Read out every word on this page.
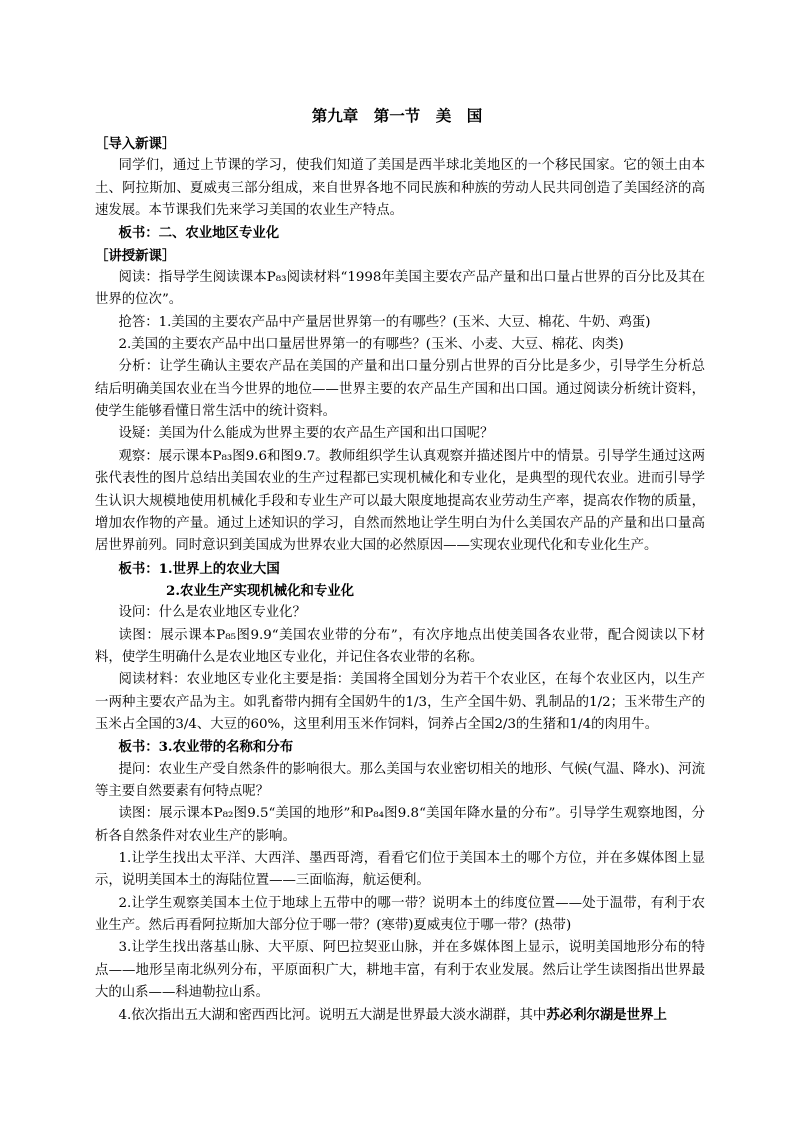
第九章　第一节　美　国

［导入新课］

同学们，通过上节课的学习，使我们知道了美国是西半球北美地区的一个移民国家。它的领土由本土、阿拉斯加、夏威夷三部分组成，来自世界各地不同民族和种族的劳动人民共同创造了美国经济的高速发展。本节课我们先来学习美国的农业生产特点。

板书：二、农业地区专业化

［讲授新课］

阅读：指导学生阅读课本P₈₃阅读材料“1998年美国主要农产品产量和出口量占世界的百分比及其在世界的位次”。

抢答：1.美国的主要农产品中产量居世界第一的有哪些？(玉米、大豆、棉花、牛奶、鸡蛋)

2.美国的主要农产品中出口量居世界第一的有哪些？(玉米、小麦、大豆、棉花、肉类)

分析：让学生确认主要农产品在美国的产量和出口量分别占世界的百分比是多少，引导学生分析总结后明确美国农业在当今世界的地位——世界主要的农产品生产国和出口国。通过阅读分析统计资料，使学生能够看懂日常生活中的统计资料。

设疑：美国为什么能成为世界主要的农产品生产国和出口国呢？

观察：展示课本P₈₃图9.6和图9.7。教师组织学生认真观察并描述图片中的情景。引导学生通过这两张代表性的图片总结出美国农业的生产过程都已实现机械化和专业化，是典型的现代农业。进而引导学生认识大规模地使用机械化手段和专业生产可以最大限度地提高农业劳动生产率，提高农作物的质量，增加农作物的产量。通过上述知识的学习，自然而然地让学生明白为什么美国农产品的产量和出口量高居世界前列。同时意识到美国成为世界农业大国的必然原因——实现农业现代化和专业化生产。

板书：1.世界上的农业大国

2.农业生产实现机械化和专业化

设问：什么是农业地区专业化？

读图：展示课本P₈₅图9.9“美国农业带的分布”，有次序地点出使美国各农业带，配合阅读以下材料，使学生明确什么是农业地区专业化，并记住各农业带的名称。

阅读材料：农业地区专业化主要是指：美国将全国划分为若干个农业区，在每个农业区内，以生产一两种主要农产品为主。如乳畜带内拥有全国奶牛的1/3，生产全国牛奶、乳制品的1/2；玉米带生产的玉米占全国的3/4、大豆的60%，这里利用玉米作饲料，饲养占全国2/3的生猪和1/4的肉用牛。

板书：3.农业带的名称和分布

提问：农业生产受自然条件的影响很大。那么美国与农业密切相关的地形、气候(气温、降水)、河流等主要自然要素有何特点呢？

读图：展示课本P₈₂图9.5“美国的地形”和P₈₄图9.8“美国年降水量的分布”。引导学生观察地图，分析各自然条件对农业生产的影响。

1.让学生找出太平洋、大西洋、墨西哥湾，看看它们位于美国本土的哪个方位，并在多媒体图上显示，说明美国本土的海陆位置——三面临海，航运便利。

2.让学生观察美国本土位于地球上五带中的哪一带？说明本土的纬度位置——处于温带，有利于农业生产。然后再看阿拉斯加大部分位于哪一带？(寒带)夏威夷位于哪一带？(热带)

3.让学生找出落基山脉、大平原、阿巴拉契亚山脉，并在多媒体图上显示，说明美国地形分布的特点——地形呈南北纵列分布，平原面积广大，耕地丰富，有利于农业发展。然后让学生读图指出世界最大的山系——科迪勒拉山系。

4.依次指出五大湖和密西西比河。说明五大湖是世界最大淡水湖群，其中苏必利尔湖是世界上
